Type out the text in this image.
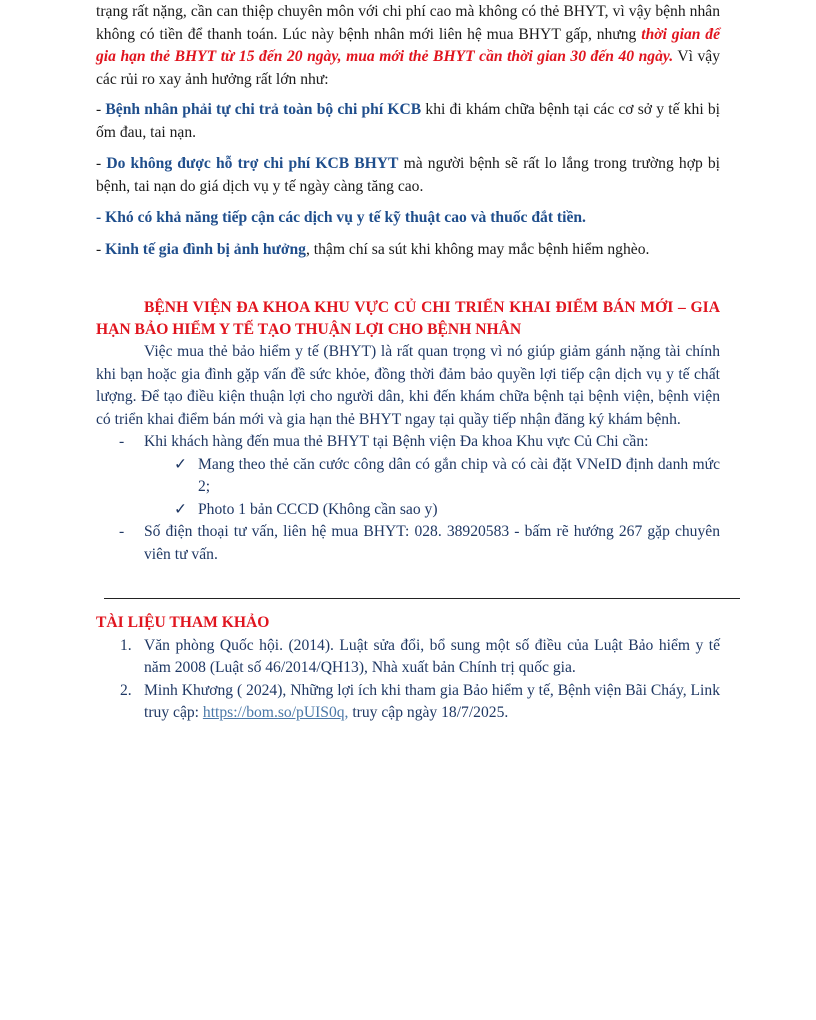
trạng rất nặng, cần can thiệp chuyên môn với chi phí cao mà không có thẻ BHYT, vì vậy bệnh nhân không có tiền để thanh toán. Lúc này bệnh nhân mới liên hệ mua BHYT gấp, nhưng thời gian để gia hạn thẻ BHYT từ 15 đến 20 ngày, mua mới thẻ BHYT cần thời gian 30 đến 40 ngày. Vì vậy các rủi ro xay ảnh hưởng rất lớn như:

- Bệnh nhân phải tự chi trả toàn bộ chi phí KCB khi đi khám chữa bệnh tại các cơ sở y tế khi bị ốm đau, tai nạn.

- Do không được hỗ trợ chi phí KCB BHYT mà người bệnh sẽ rất lo lắng trong trường hợp bị bệnh, tai nạn do giá dịch vụ y tế ngày càng tăng cao.

- Khó có khả năng tiếp cận các dịch vụ y tế kỹ thuật cao và thuốc đắt tiền.

- Kinh tế gia đình bị ảnh hưởng, thậm chí sa sút khi không may mắc bệnh hiểm nghèo.

BỆNH VIỆN ĐA KHOA KHU VỰC CỦ CHI TRIỂN KHAI ĐIỂM BÁN MỚI – GIA HẠN BẢO HIỂM Y TẾ TẠO THUẬN LỢI CHO BỆNH NHÂN

Việc mua thẻ bảo hiểm y tế (BHYT) là rất quan trọng vì nó giúp giảm gánh nặng tài chính khi bạn hoặc gia đình gặp vấn đề sức khỏe, đồng thời đảm bảo quyền lợi tiếp cận dịch vụ y tế chất lượng. Để tạo điều kiện thuận lợi cho người dân, khi đến khám chữa bệnh tại bệnh viện, bệnh viện có triển khai điểm bán mới và gia hạn thẻ BHYT ngay tại quầy tiếp nhận đăng ký khám bệnh.

- Khi khách hàng đến mua thẻ BHYT tại Bệnh viện Đa khoa Khu vực Củ Chi cần:

✓ Mang theo thẻ căn cước công dân có gắn chip và có cài đặt VNeID định danh mức 2;

✓ Photo 1 bản CCCD (Không cần sao y)

- Số điện thoại tư vấn, liên hệ mua BHYT: 028. 38920583 - bấm rẽ hướng 267 gặp chuyên viên tư vấn.

TÀI LIỆU THAM KHẢO
1. Văn phòng Quốc hội. (2014). Luật sửa đổi, bổ sung một số điều của Luật Bảo hiểm y tế năm 2008 (Luật số 46/2014/QH13), Nhà xuất bản Chính trị quốc gia.
2. Minh Khương ( 2024), Những lợi ích khi tham gia Bảo hiểm y tế, Bệnh viện Bãi Cháy, Link truy cập: https://bom.so/pUIS0q, truy cập ngày 18/7/2025.
